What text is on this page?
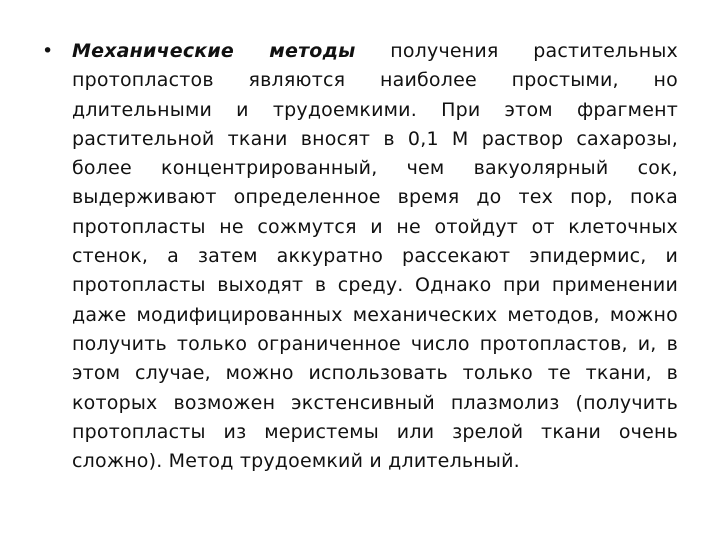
• Механические методы получения растительных протопластов являются наиболее простыми, но длительными и трудоемкими. При этом фрагмент растительной ткани вносят в 0,1 М раствор сахарозы, более концентрированный, чем вакуолярный сок, выдерживают определенное время до тех пор, пока протопласты не сожмутся и не отойдут от клеточных стенок, а затем аккуратно рассекают эпидермис, и протопласты выходят в среду. Однако при применении даже модифицированных механических методов, можно получить только ограниченное число протопластов, и, в этом случае, можно использовать только те ткани, в которых возможен экстенсивный плазмолиз (получить протопласты из меристемы или зрелой ткани очень сложно). Метод трудоемкий и длительный.
